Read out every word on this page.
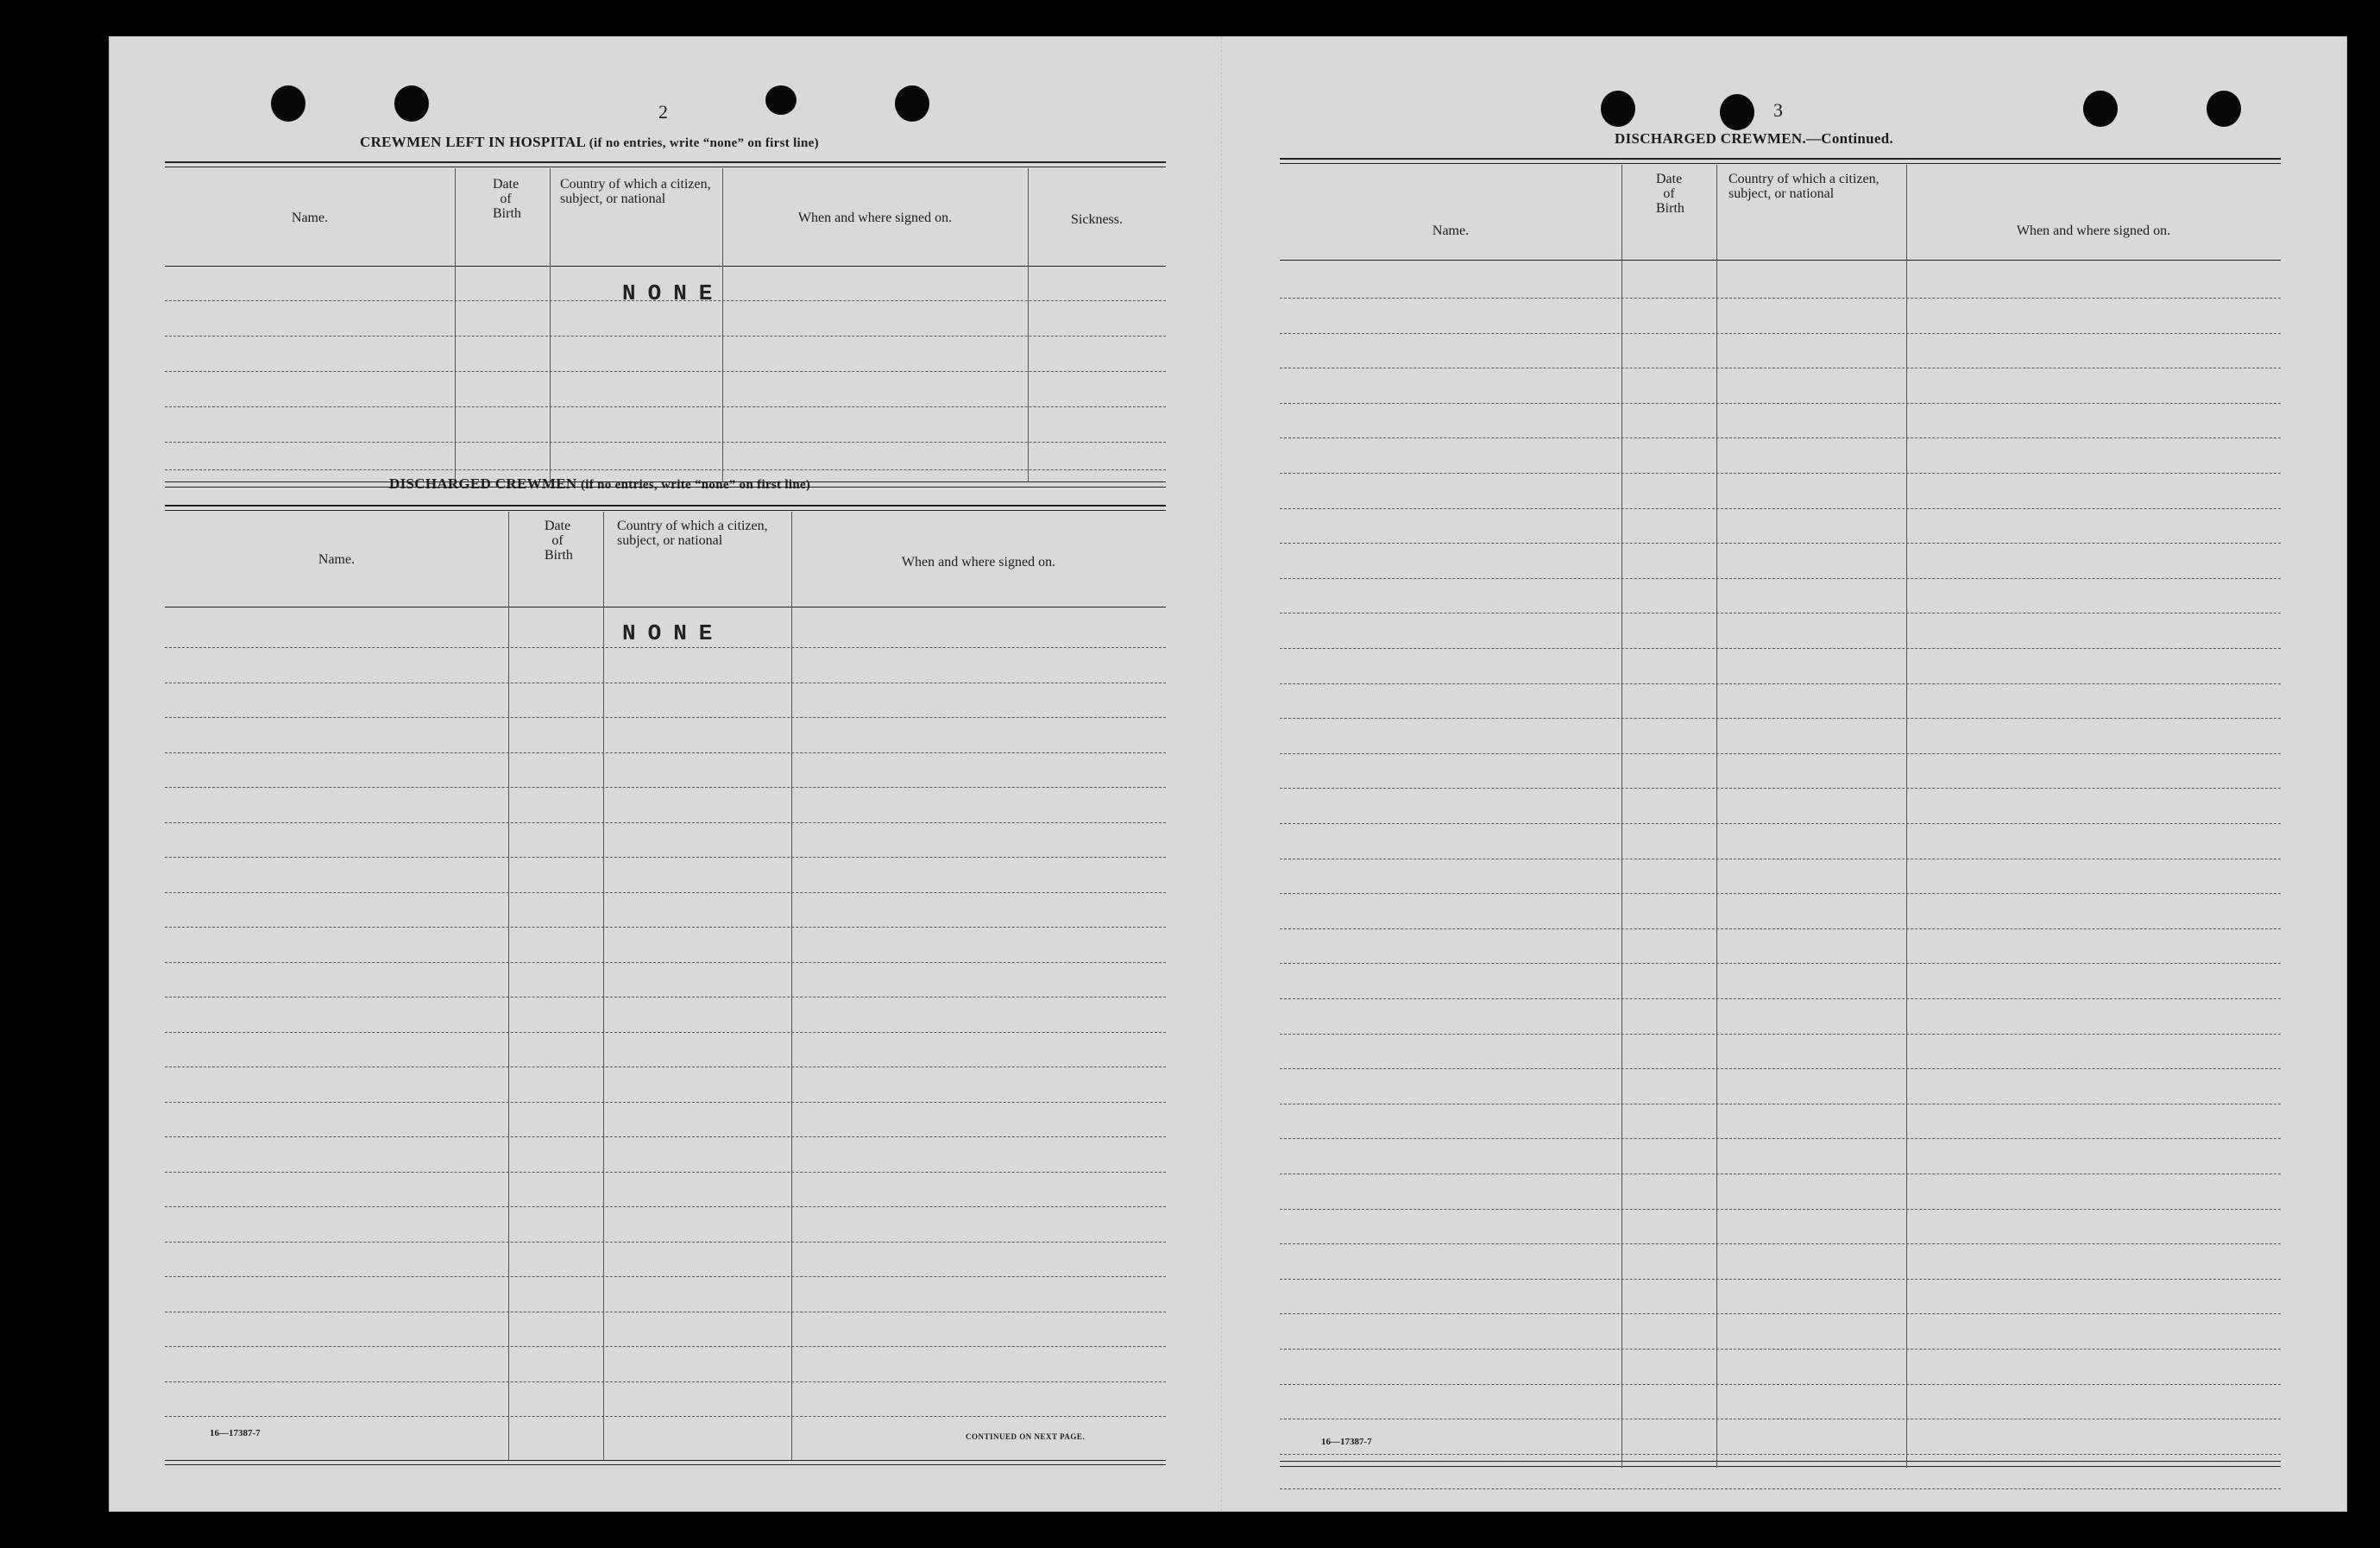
2
CREWMEN LEFT IN HOSPITAL (if no entries, write “none” on first line)
Name.
Date of Birth
Country of which a citizen, subject, or national
When and where signed on.	Sickness.
NONE
DISCHARGED CREWMEN (if no entries, write “none” on first line)
Name.
Date of Birth
Country of which a citizen, subject, or national
When and where signed on.
NONE
16—17387-7	CONTINUED ON NEXT PAGE.
3
DISCHARGED CREWMEN.—Continued.
Name.
Date of Birth
Country of which a citizen, subject, or national
When and where signed on.
16—17387-7
